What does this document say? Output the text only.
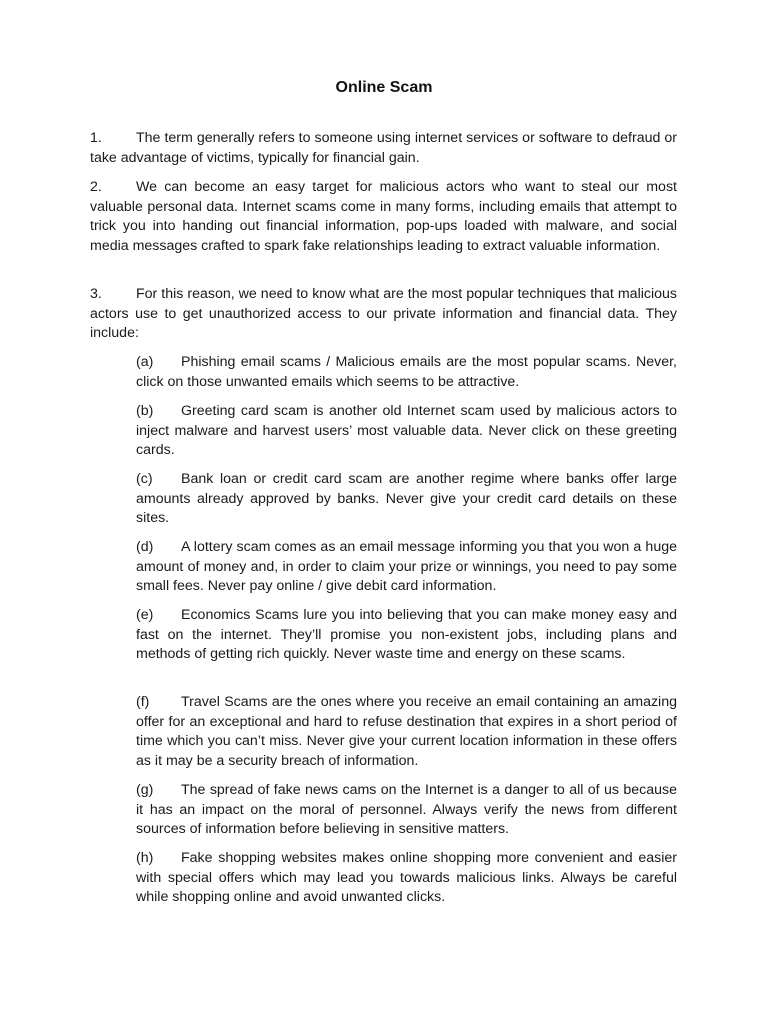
Online Scam

1. The term generally refers to someone using internet services or software to defraud or take advantage of victims, typically for financial gain.

2. We can become an easy target for malicious actors who want to steal our most valuable personal data. Internet scams come in many forms, including emails that attempt to trick you into handing out financial information, pop-ups loaded with malware, and social media messages crafted to spark fake relationships leading to extract valuable information.

3. For this reason, we need to know what are the most popular techniques that malicious actors use to get unauthorized access to our private information and financial data. They include:

(a) Phishing email scams / Malicious emails are the most popular scams. Never, click on those unwanted emails which seems to be attractive.

(b) Greeting card scam is another old Internet scam used by malicious actors to inject malware and harvest users’ most valuable data. Never click on these greeting cards.

(c) Bank loan or credit card scam are another regime where banks offer large amounts already approved by banks. Never give your credit card details on these sites.

(d) A lottery scam comes as an email message informing you that you won a huge amount of money and, in order to claim your prize or winnings, you need to pay some small fees. Never pay online / give debit card information.

(e) Economics Scams lure you into believing that you can make money easy and fast on the internet. They’ll promise you non-existent jobs, including plans and methods of getting rich quickly. Never waste time and energy on these scams.

(f) Travel Scams are the ones where you receive an email containing an amazing offer for an exceptional and hard to refuse destination that expires in a short period of time which you can’t miss. Never give your current location information in these offers as it may be a security breach of information.

(g) The spread of fake news cams on the Internet is a danger to all of us because it has an impact on the moral of personnel. Always verify the news from different sources of information before believing in sensitive matters.

(h) Fake shopping websites makes online shopping more convenient and easier with special offers which may lead you towards malicious links. Always be careful while shopping online and avoid unwanted clicks.
